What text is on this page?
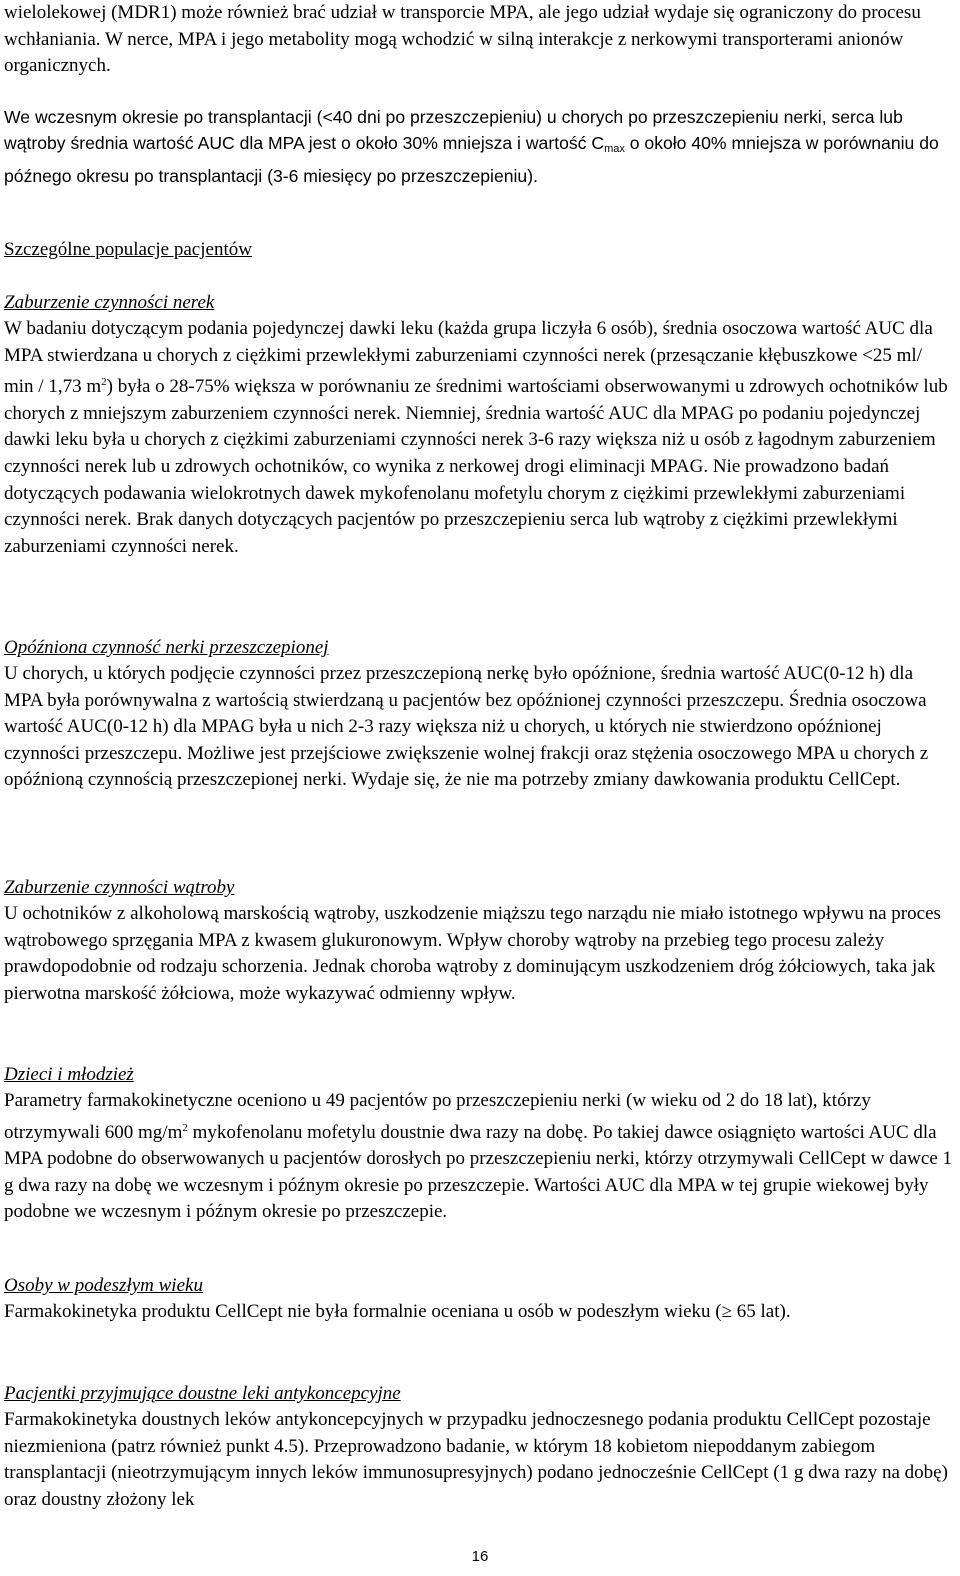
wielolekowej (MDR1) może również brać udział w transporcie MPA, ale jego udział wydaje się ograniczony do procesu wchłaniania. W nerce, MPA i jego metabolity mogą wchodzić w silną interakcje z nerkowymi transporterami anionów organicznych.

We wczesnym okresie po transplantacji (<40 dni po przeszczepieniu) u chorych po przeszczepieniu nerki, serca lub wątroby średnia wartość AUC dla MPA jest o około 30% mniejsza i wartość $C_{max}$ o około 40% mniejsza w porównaniu do późnego okresu po transplantacji (3-6 miesięcy po przeszczepieniu).

Szczególne populacje pacjentów

Zaburzenie czynności nerek

W badaniu dotyczącym podania pojedynczej dawki leku (każda grupa liczyła 6 osób), średnia osoczowa wartość AUC dla MPA stwierdzana u chorych z ciężkimi przewlekłymi zaburzeniami czynności nerek (przesączanie kłębuszkowe <25 ml/ min / 1,73 $m^2$) była o 28-75% większa w porównaniu ze średnimi wartościami obserwowanymi u zdrowych ochotników lub chorych z mniejszym zaburzeniem czynności nerek. Niemniej, średnia wartość AUC dla MPAG po podaniu pojedynczej dawki leku była u chorych z ciężkimi zaburzeniami czynności nerek 3-6 razy większa niż u osób z łagodnym zaburzeniem czynności nerek lub u zdrowych ochotników, co wynika z nerkowej drogi eliminacji MPAG. Nie prowadzono badań dotyczących podawania wielokrotnych dawek mykofenolanu mofetylu chorym z ciężkimi przewlekłymi zaburzeniami czynności nerek. Brak danych dotyczących pacjentów po przeszczepieniu serca lub wątroby z ciężkimi przewlekłymi zaburzeniami czynności nerek.

Opóźniona czynność nerki przeszczepionej

U chorych, u których podjęcie czynności przez przeszczepioną nerkę było opóźnione, średnia wartość AUC(0-12 h) dla MPA była porównywalna z wartością stwierdzaną u pacjentów bez opóźnionej czynności przeszczepu. Średnia osoczowa wartość AUC(0-12 h) dla MPAG była u nich 2-3 razy większa niż u chorych, u których nie stwierdzono opóźnionej czynności przeszczepu. Możliwe jest przejściowe zwiększenie wolnej frakcji oraz stężenia osoczowego MPA u chorych z opóźnioną czynnością przeszczepionej nerki. Wydaje się, że nie ma potrzeby zmiany dawkowania produktu CellCept.

Zaburzenie czynności wątroby

U ochotników z alkoholową marskością wątroby, uszkodzenie miąższu tego narządu nie miało istotnego wpływu na proces wątrobowego sprzęgania MPA z kwasem glukuronowym. Wpływ choroby wątroby na przebieg tego procesu zależy prawdopodobnie od rodzaju schorzenia. Jednak choroba wątroby z dominującym uszkodzeniem dróg żółciowych, taka jak pierwotna marskość żółciowa, może wykazywać odmienny wpływ.

Dzieci i młodzież

Parametry farmakokinetyczne oceniono u 49 pacjentów po przeszczepieniu nerki (w wieku od 2 do 18 lat), którzy otrzymywali 600 $mg/m^2$ mykofenolanu mofetylu doustnie dwa razy na dobę. Po takiej dawce osiągnięto wartości AUC dla MPA podobne do obserwowanych u pacjentów dorosłych po przeszczepieniu nerki, którzy otrzymywali CellCept w dawce 1 g dwa razy na dobę we wczesnym i późnym okresie po przeszczepie. Wartości AUC dla MPA w tej grupie wiekowej były podobne we wczesnym i późnym okresie po przeszczepie.

Osoby w podeszłym wieku

Farmakokinetyka produktu CellCept nie była formalnie oceniana u osób w podeszłym wieku (≥ 65 lat).

Pacjentki przyjmujące doustne leki antykoncepcyjne

Farmakokinetyka doustnych leków antykoncepcyjnych w przypadku jednoczesnego podania produktu CellCept pozostaje niezmieniona (patrz również punkt 4.5). Przeprowadzono badanie, w którym 18 kobietom niepoddanym zabiegom transplantacji (nieotrzymującym innych leków immunosupresyjnych) podano jednocześnie CellCept (1 g dwa razy na dobę) oraz doustny złożony lek

16
